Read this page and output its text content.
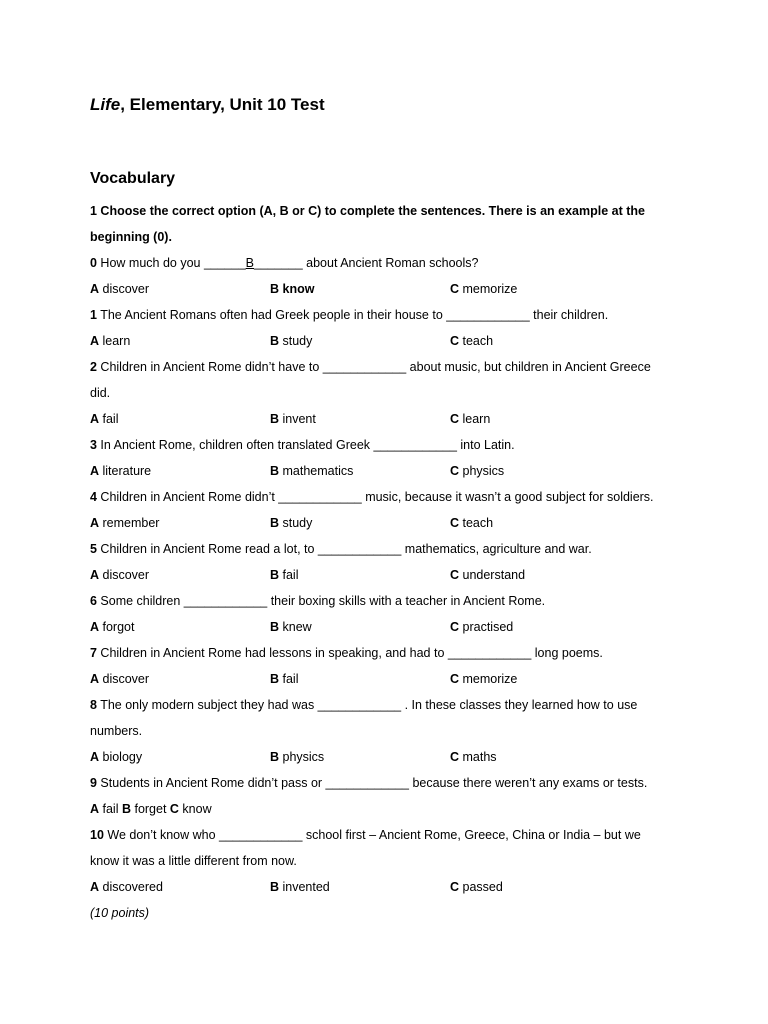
Life, Elementary, Unit 10 Test
Vocabulary
1 Choose the correct option (A, B or C) to complete the sentences. There is an example at the
beginning (0).
0 How much do you ______B_______ about Ancient Roman schools?
A discover	B know	C memorize
1 The Ancient Romans often had Greek people in their house to ____________ their children.
A learn	B study	C teach
2 Children in Ancient Rome didn’t have to ____________ about music, but children in Ancient Greece
did.
A fail	B invent	C learn
3 In Ancient Rome, children often translated Greek ____________ into Latin.
A literature	B mathematics	C physics
4 Children in Ancient Rome didn’t ____________ music, because it wasn’t a good subject for soldiers.
A remember	B study	C teach
5 Children in Ancient Rome read a lot, to ____________ mathematics, agriculture and war.
A discover	B fail	C understand
6 Some children ____________ their boxing skills with a teacher in Ancient Rome.
A forgot	B knew	C practised
7 Children in Ancient Rome had lessons in speaking, and had to ____________ long poems.
A discover	B fail	C memorize
8 The only modern subject they had was ____________ . In these classes they learned how to use
numbers.
A biology	B physics	C maths
9 Students in Ancient Rome didn’t pass or ____________ because there weren’t any exams or tests.
A fail B forget C know
10 We don’t know who ____________ school first – Ancient Rome, Greece, China or India – but we
know it was a little different from now.
A discovered	B invented	C passed
(10 points)
